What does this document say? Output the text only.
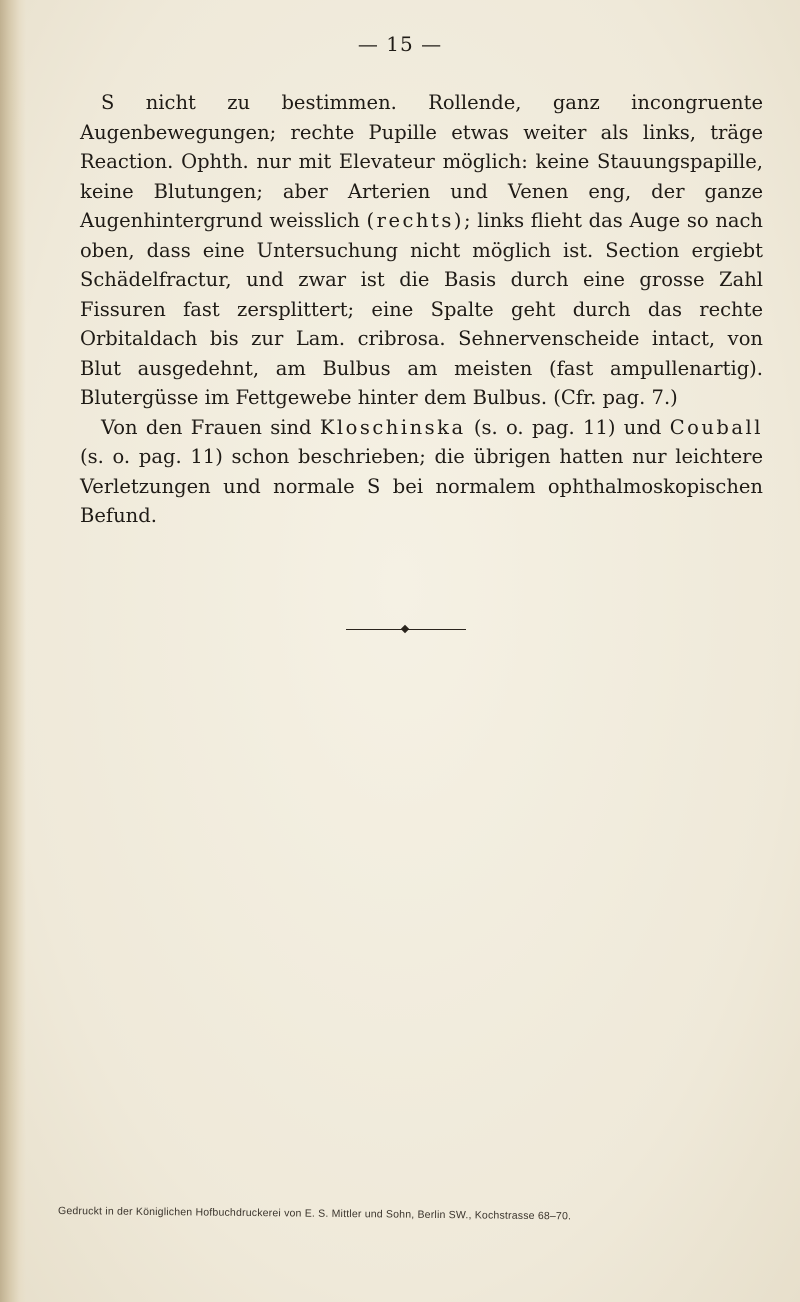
— 15 —

S nicht zu bestimmen. Rollende, ganz incongruente Augenbewegungen; rechte Pupille etwas weiter als links, träge Reaction. Ophth. nur mit Elevateur möglich: keine Stauungspapille, keine Blutungen; aber Arterien und Venen eng, der ganze Augenhintergrund weisslich (rechts); links flieht das Auge so nach oben, dass eine Untersuchung nicht möglich ist. Section ergiebt Schädelfractur, und zwar ist die Basis durch eine grosse Zahl Fissuren fast zersplittert; eine Spalte geht durch das rechte Orbitaldach bis zur Lam. cribrosa. Sehnervenscheide intact, von Blut ausgedehnt, am Bulbus am meisten (fast ampullenartig). Blutergüsse im Fettgewebe hinter dem Bulbus. (Cfr. pag. 7.)

Von den Frauen sind Kloschinska (s. o. pag. 11) und Couball (s. o. pag. 11) schon beschrieben; die übrigen hatten nur leichtere Verletzungen und normale S bei normalem ophthalmoskopischen Befund.

Gedruckt in der Königlichen Hofbuchdruckerei von E. S. Mittler und Sohn, Berlin SW., Kochstrasse 68–70.
